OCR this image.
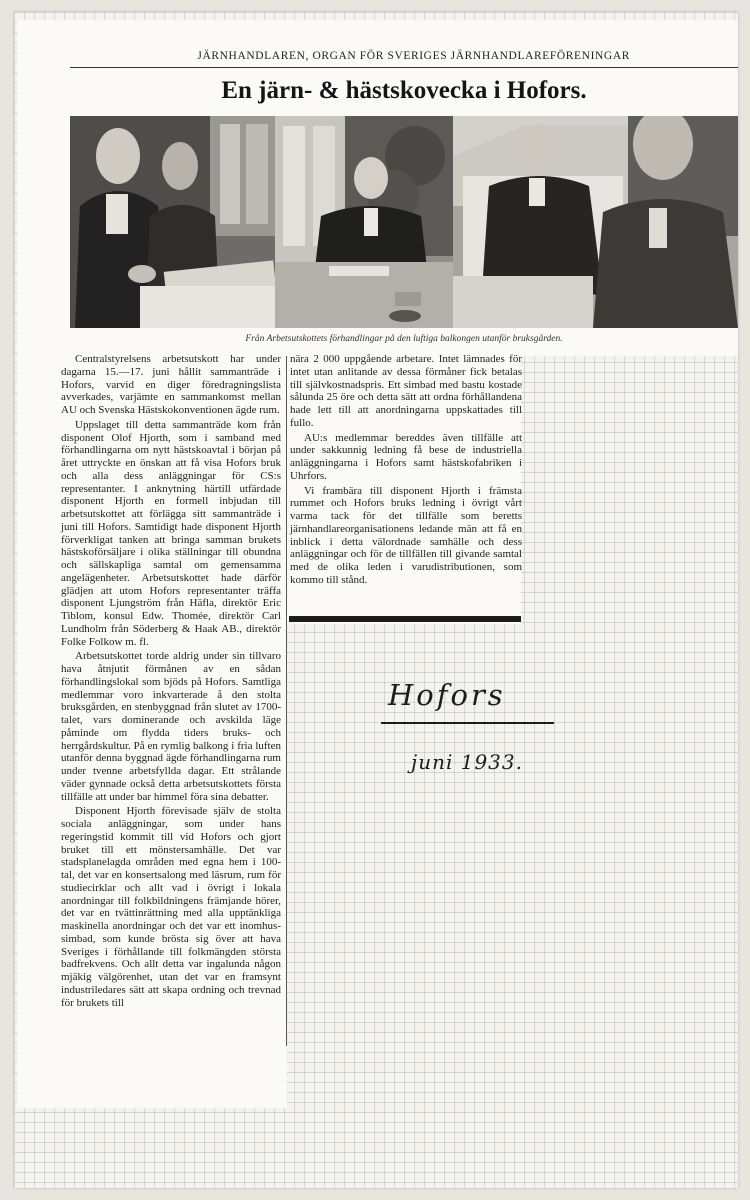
JÄRNHANDLAREN, ORGAN FÖR SVERIGES JÄRNHANDLAREFÖRENINGAR
En järn- & hästskovecka i Hofors.
Från Arbetsutskottets förhandlingar på den luftiga balkongen utanför bruksgården.

Centralstyrelsens arbetsutskott har under dagarna 15.—17. juni hållit sammanträde i Hofors, varvid en diger föredragningslista avverkades, varjämte en sammankomst mellan AU och Svenska Hästskokonventionen ägde rum.

Uppslaget till detta sammanträde kom från disponent Olof Hjorth, som i samband med förhandlingarna om nytt hästskoavtal i början på året uttryckte en önskan att få visa Hofors bruk och alla dess anläggningar för CS:s representanter. I anknytning härtill utfärdade disponent Hjorth en formell inbjudan till arbetsutskottet att förlägga sitt sammanträde i juni till Hofors. Samtidigt hade disponent Hjorth förverkligat tanken att bringa samman brukets hästskoförsäljare i olika ställningar till obundna och sällskapliga samtal om gemensamma angelägenheter. Arbetsutskottet hade därför glädjen att utom Hofors representanter träffa disponent Ljungström från Häfla, direktör Eric Tiblom, konsul Edw. Thomée, direktör Carl Lundholm från Söderberg & Haak AB., direktör Folke Folkow m. fl.

Arbetsutskottet torde aldrig under sin tillvaro hava åtnjutit förmånen av en sådan förhandlingslokal som bjöds på Hofors. Samtliga medlemmar voro inkvarterade å den stolta bruksgården, en stenbyggnad från slutet av 1700-talet, vars dominerande och avskilda läge påminde om flydda tiders bruks- och herrgårdskultur. På en rymlig balkong i fria luften utanför denna byggnad ägde förhandlingarna rum under tvenne arbetsfyllda dagar. Ett strålande väder gynnade också detta arbetsutskottets första tillfälle att under bar himmel föra sina debatter.

Disponent Hjorth förevisade själv de stolta sociala anläggningar, som under hans regeringstid kommit till vid Hofors och gjort bruket till ett mönstersamhälle. Det var stadsplanelagda områden med egna hem i 100-tal, det var en konsertsalong med läsrum, rum för studiecirklar och allt vad i övrigt i lokala anordningar till folkbildningens främjande hörer, det var en tvättinrättning med alla upptänkliga maskinella anordningar och det var ett inomhus-simbad, som kunde brösta sig över att hava Sveriges i förhållande till folkmängden största badfrekvens. Och allt detta var ingalunda någon mjäkig välgörenhet, utan det var en framsynt industriledares sätt att skapa ordning och trevnad för brukets till

nära 2 000 uppgående arbetare. Intet lämnades för intet utan anlitande av dessa förmåner fick betalas till självkostnadspris. Ett simbad med bastu kostade sålunda 25 öre och detta sätt att ordna förhållandena hade lett till att anordningarna uppskattades till fullo.

AU:s medlemmar bereddes även tillfälle att under sakkunnig ledning få bese de industriella anläggningarna i Hofors samt hästskofabriken i Uhrfors.

Vi frambära till disponent Hjorth i främsta rummet och Hofors bruks ledning i övrigt vårt varma tack för det tillfälle som beretts järnhandlareorganisationens ledande män att få en inblick i detta välordnade samhälle och dess anläggningar och för de tillfällen till givande samtal med de olika leden i varudistributionen, som kommo till stånd.

Hofors
juni 1933.
